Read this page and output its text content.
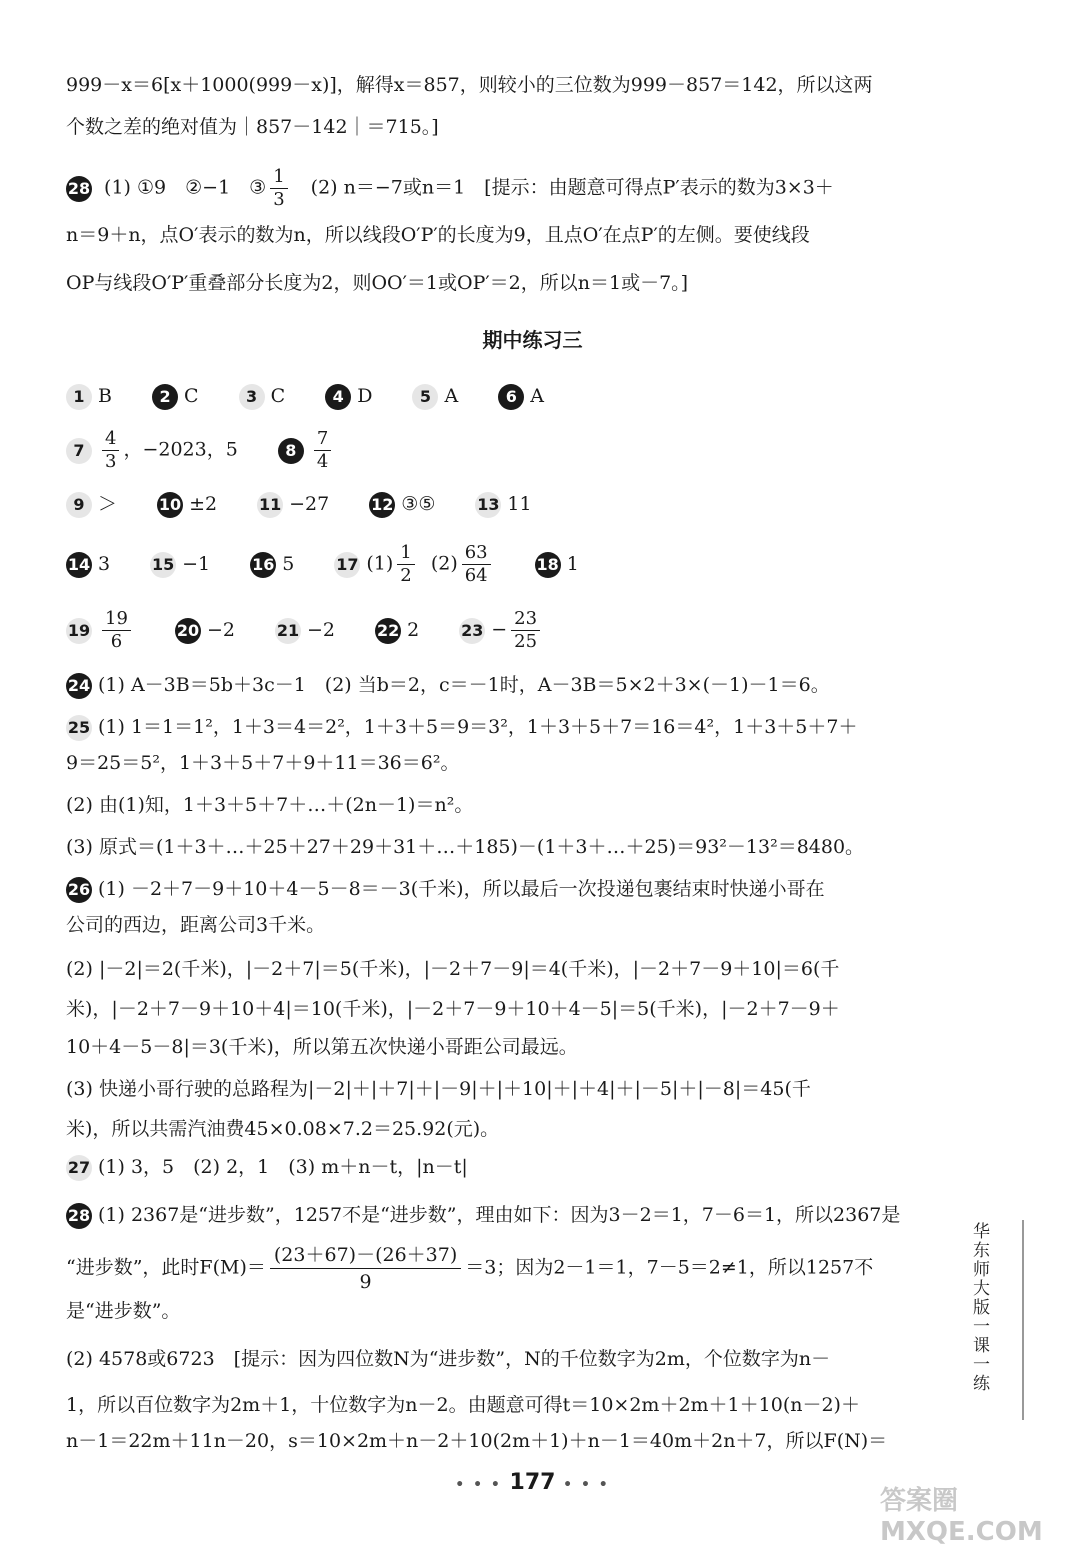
999－x＝6[x＋1000(999－x)]，解得x＝857，则较小的三位数为999－857＝142，所以这两
个数之差的绝对值为｜857－142｜＝715。]
28 (1) ①9　②−1　③ $\frac{1}{3}$ 　(2) n＝−7或n＝1　[提示：由题意可得点P′表示的数为3×3＋
n＝9＋n，点O′表示的数为n，所以线段O′P′的长度为9，且点O′在点P′的左侧。要使线段
OP与线段O′P′重叠部分长度为2，则OO′＝1或OP′＝2，所以n＝1或－7。]
期中练习三
1 B	2 C	3 C	4 D	5 A	6 A
$7 \frac{4}{3}$ ，−2023，5	$8 \frac{7}{4}$
9 ＞	10 ±2	11 −27	12 ③⑤	13 11
14 3	15 −1	16 5	17 $(1) \frac{1}{2} (2) \frac{63}{64}$	18 1
$19 \frac{19}{6}$	20 −2	21 −2	22 2	$23 - \frac{23}{25}$
24 (1) A－3B＝5b＋3c－1　(2) 当b＝2，c＝－1时，A－3B＝5×2＋3×(－1)－1＝6。
25 (1) 1＝1＝1²，1＋3＝4＝2²，1＋3＋5＝9＝3²，1＋3＋5＋7＝16＝4²，1＋3＋5＋7＋
9＝25＝5²，1＋3＋5＋7＋9＋11＝36＝6²。
(2) 由(1)知，1＋3＋5＋7＋…＋(2n－1)＝n²。
(3) 原式＝(1＋3＋…＋25＋27＋29＋31＋…＋185)－(1＋3＋…＋25)＝93²－13²＝8480。
26 (1) －2＋7－9＋10＋4－5－8＝－3(千米)，所以最后一次投递包裹结束时快递小哥在
公司的西边，距离公司3千米。
(2) |－2|＝2(千米)，|－2＋7|＝5(千米)，|－2＋7－9|＝4(千米)，|－2＋7－9＋10|＝6(千
米)，|－2＋7－9＋10＋4|＝10(千米)，|－2＋7－9＋10＋4－5|＝5(千米)，|－2＋7－9＋
10＋4－5－8|＝3(千米)，所以第五次快递小哥距公司最远。
(3) 快递小哥行驶的总路程为|－2|＋|＋7|＋|－9|＋|＋10|＋|＋4|＋|－5|＋|－8|＝45(千
米)，所以共需汽油费45×0.08×7.2＝25.92(元)。
27 (1) 3，5　(2) 2，1　(3) m＋n－t，|n－t|
28 (1) 2367是“进步数”，1257不是“进步数”，理由如下：因为3－2＝1，7－6＝1，所以2367是
“进步数”，此时$F(M)= \frac{(23+67)-(26+37)}{9} =3$；因为2－1＝1，7－5＝2≠1，所以1257不
是“进步数”。
(2) 4578或6723　[提示：因为四位数N为“进步数”，N的千位数字为2m，个位数字为n－
1，所以百位数字为2m＋1，十位数字为n－2。由题意可得t＝10×2m＋2m＋1＋10(n－2)＋
n－1＝22m＋11n－20，s＝10×2m＋n－2＋10(2m＋1)＋n－1＝40m＋2n＋7，所以F(N)＝
华东师大版一课一练
• • • 177 • • •
答案圈 MXQE.COM
